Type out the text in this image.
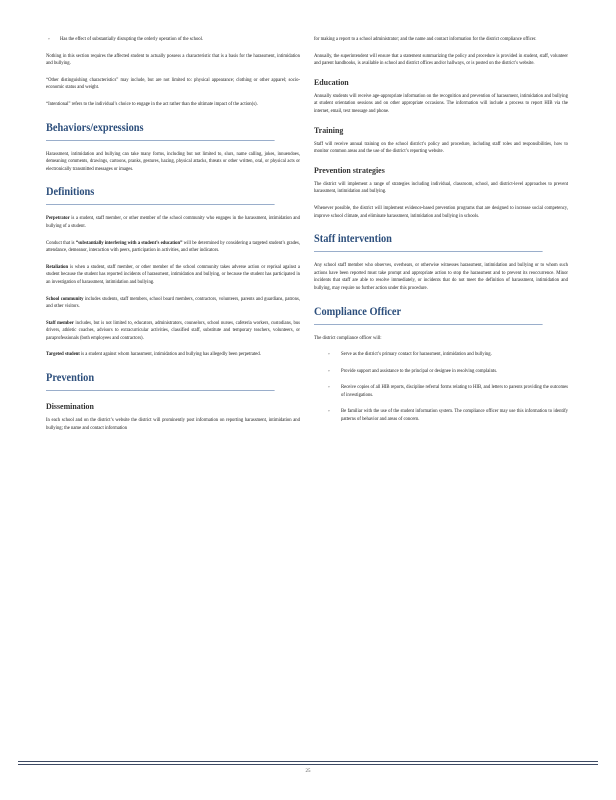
▫ Has the effect of substantially disrupting the orderly operation of the school.

Nothing in this section requires the affected student to actually possess a characteristic that is a basis for the harassment, intimidation and bullying.

“Other distinguishing characteristics” may include, but are not limited to: physical appearance; clothing or other apparel; socio-economic status and weight.

“Intentional” refers to the individual’s choice to engage in the act rather than the ultimate impact of the action(s).

Behaviors/expressions

Harassment, intimidation and bullying can take many forms, including but not limited to, slurs, name calling, jokes, innuendoes, demeaning comments, drawings, cartoons, pranks, gestures, hazing, physical attacks, threats or other written, oral, or physical acts or electronically transmitted messages or images.

Definitions

Perpetrator is a student, staff member, or other member of the school community who engages in the harassment, intimidation and bullying of a student.

Conduct that is “substantially interfering with a student’s education” will be determined by considering a targeted student’s grades, attendance, demeanor, interaction with peers, participation in activities, and other indicators.

Retaliation is when a student, staff member, or other member of the school community takes adverse action or reprisal against a student because the student has reported incidents of harassment, intimidation and bullying, or because the student has participated in an investigation of harassment, intimidation and bullying.

School community includes students, staff members, school board members, contractors, volunteers, parents and guardians, patrons, and other visitors.

Staff member includes, but is not limited to, educators, administrators, counselors, school nurses, cafeteria workers, custodians, bus drivers, athletic coaches, advisors to extracurricular activities, classified staff, substitute and temporary teachers, volunteers, or paraprofessionals (both employees and contractors).

Targeted student is a student against whom harassment, intimidation and bullying has allegedly been perpetrated.

Prevention
Dissemination

In each school and on the district’s website the district will prominently post information on reporting harassment, intimidation and bullying; the name and contact information

for making a report to a school administrator; and the name and contact information for the district compliance officer.

Annually, the superintendent will ensure that a statement summarizing the policy and procedure is provided in student, staff, volunteer and parent handbooks, is available in school and district offices and/or hallways, or is posted on the district’s website.

Education

Annually students will receive age-appropriate information on the recognition and prevention of harassment, intimidation and bullying at student orientation sessions and on other appropriate occasions. The information will include a process to report HIB via the internet, email, text message and phone.

Training

Staff will receive annual training on the school district’s policy and procedure, including staff roles and responsibilities, how to monitor common areas and the use of the district’s reporting website.

Prevention strategies

The district will implement a range of strategies including individual, classroom, school, and district-level approaches to prevent harassment, intimidation and bullying.

Whenever possible, the district will implement evidence-based prevention programs that are designed to increase social competency, improve school climate, and eliminate harassment, intimidation and bullying in schools.

Staff intervention

Any school staff member who observes, overhears, or otherwise witnesses harassment, intimidation and bullying or to whom such actions have been reported must take prompt and appropriate action to stop the harassment and to prevent its reoccurrence. Minor incidents that staff are able to resolve immediately, or incidents that do not meet the definition of harassment, intimidation and bullying, may require no further action under this procedure.

Compliance Officer

The district compliance officer will:

▫ Serve as the district’s primary contact for harassment, intimidation and bullying.
▫ Provide support and assistance to the principal or designee in resolving complaints.
▫ Receive copies of all HIB reports, discipline referral forms relating to HIB, and letters to parents providing the outcomes of investigations.
▫ Be familiar with the use of the student information system. The compliance officer may use this information to identify patterns of behavior and areas of concern.
25
